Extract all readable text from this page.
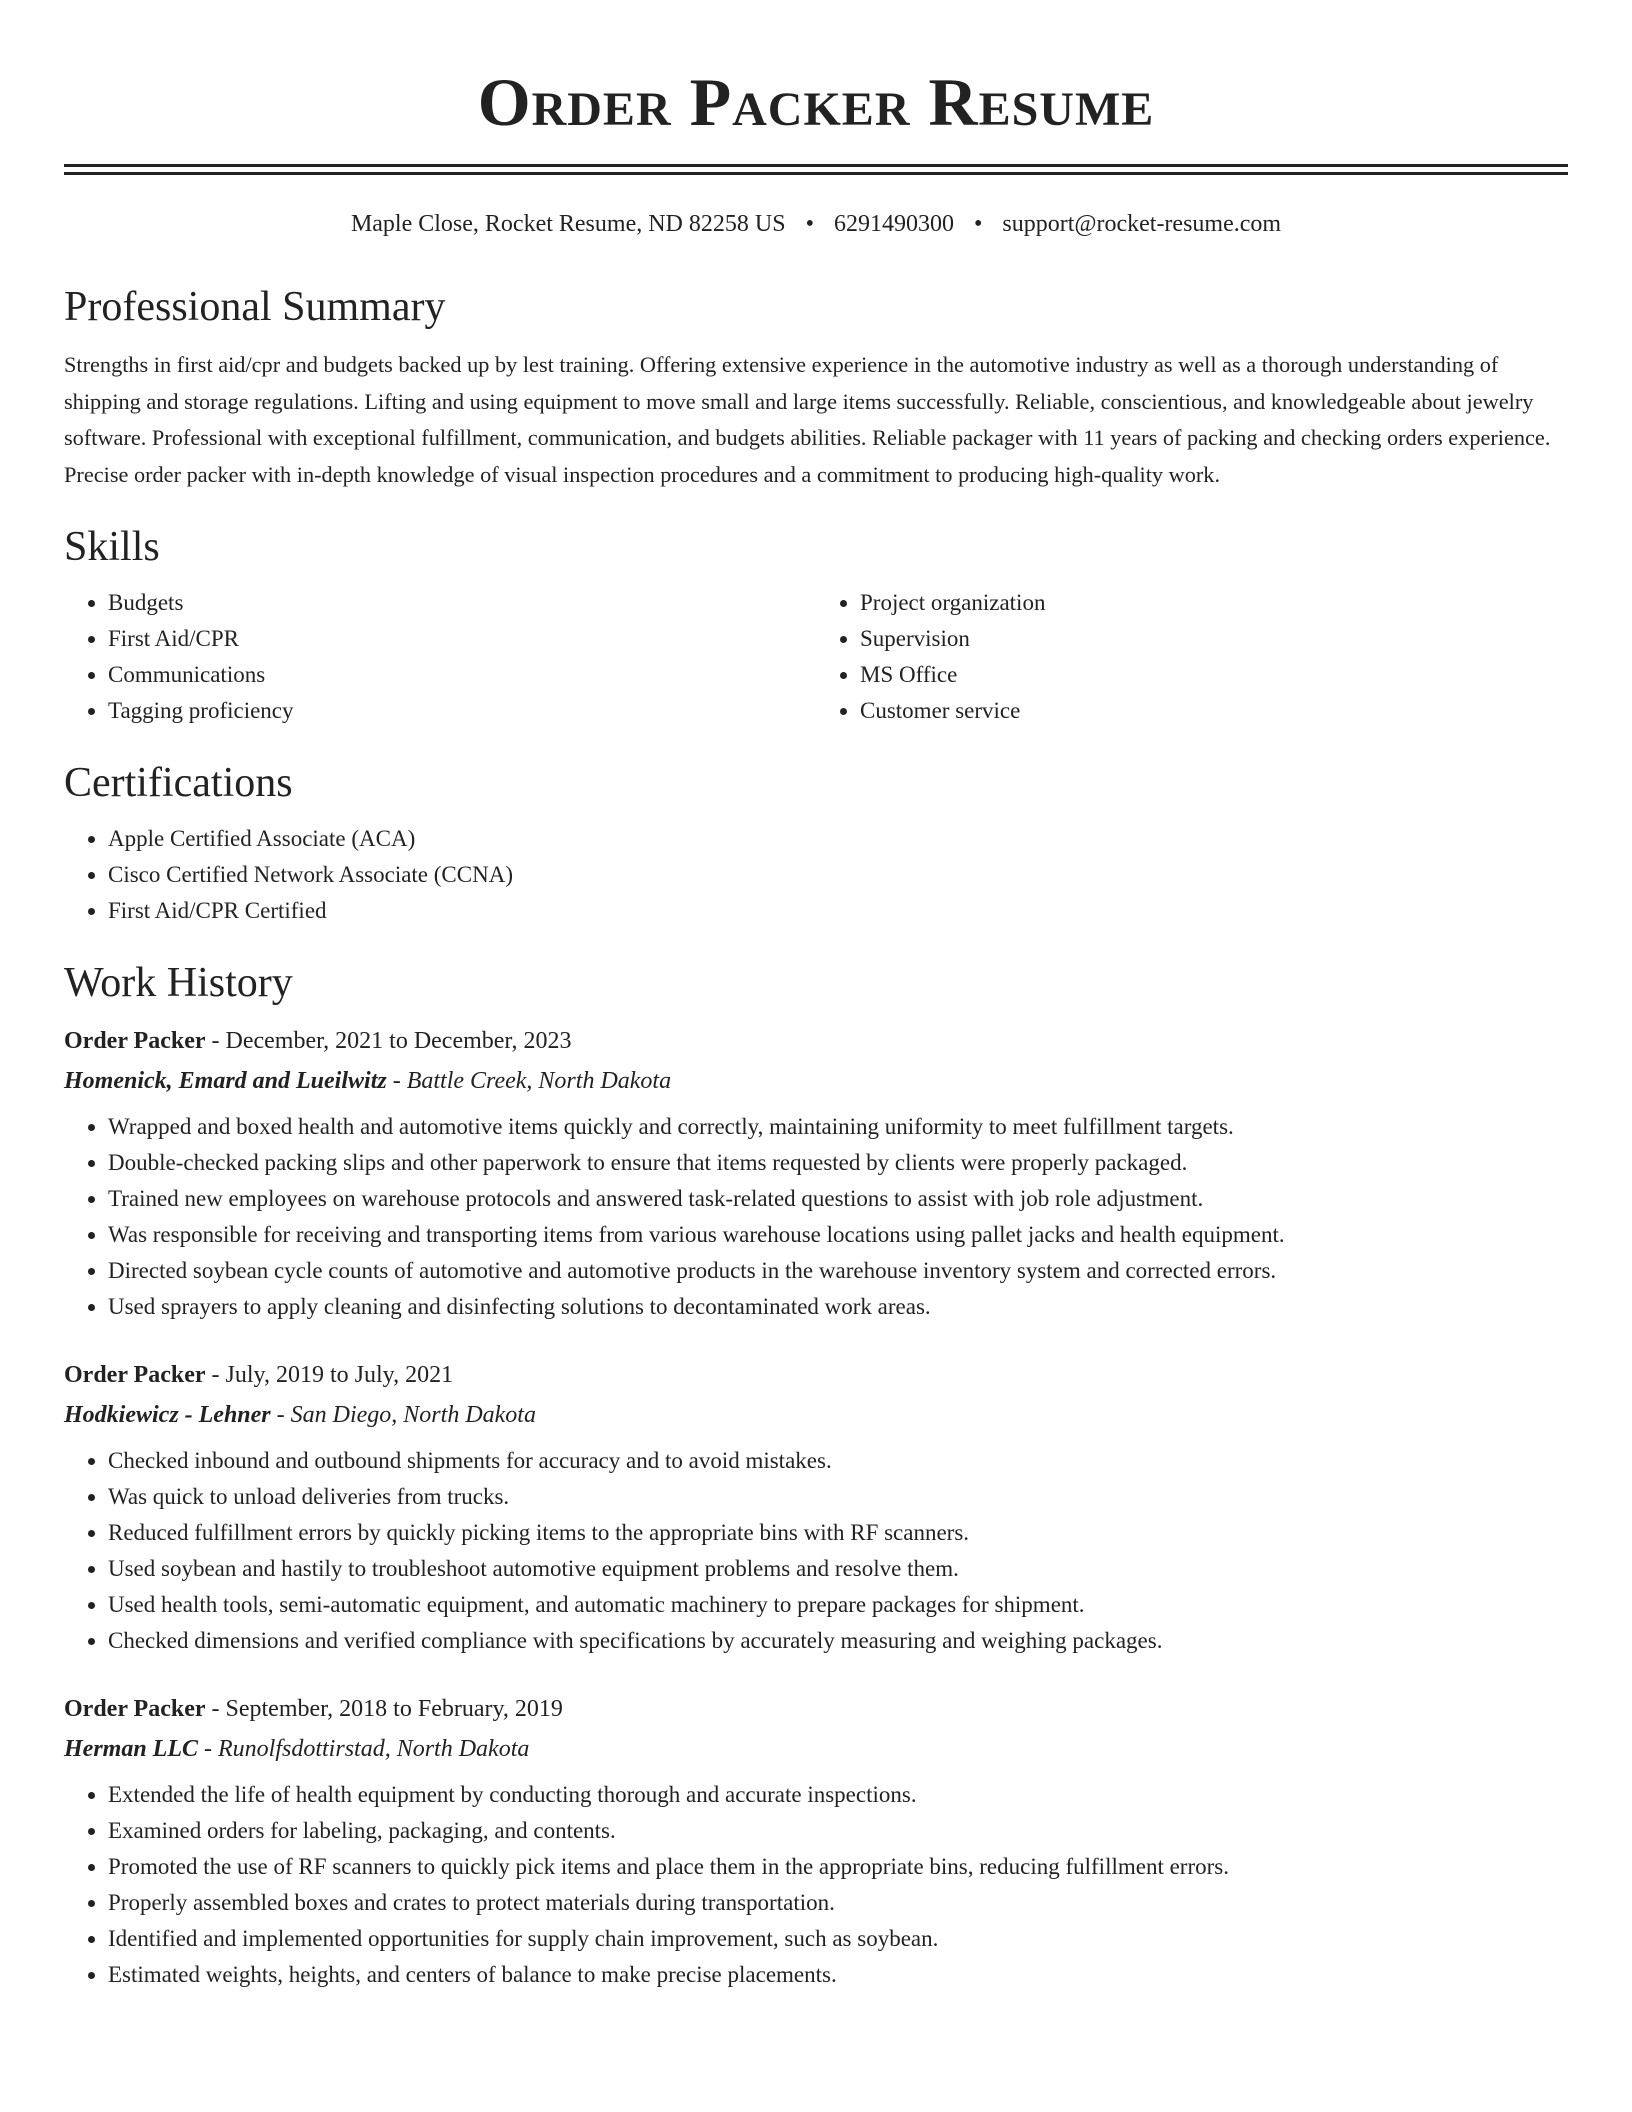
Order Packer Resume
Maple Close, Rocket Resume, ND 82258 US • 6291490300 • support@rocket-resume.com
Professional Summary

Strengths in first aid/cpr and budgets backed up by lest training. Offering extensive experience in the automotive industry as well as a thorough understanding of shipping and storage regulations. Lifting and using equipment to move small and large items successfully. Reliable, conscientious, and knowledgeable about jewelry software. Professional with exceptional fulfillment, communication, and budgets abilities. Reliable packager with 11 years of packing and checking orders experience. Precise order packer with in-depth knowledge of visual inspection procedures and a commitment to producing high-quality work.

Skills
• Budgets
• First Aid/CPR
• Communications
• Tagging proficiency
• Project organization
• Supervision
• MS Office
• Customer service
Certifications
• Apple Certified Associate (ACA)
• Cisco Certified Network Associate (CCNA)
• First Aid/CPR Certified
Work History
Order Packer - December, 2021 to December, 2023
Homenick, Emard and Lueilwitz - Battle Creek, North Dakota
• Wrapped and boxed health and automotive items quickly and correctly, maintaining uniformity to meet fulfillment targets.
• Double-checked packing slips and other paperwork to ensure that items requested by clients were properly packaged.
• Trained new employees on warehouse protocols and answered task-related questions to assist with job role adjustment.
• Was responsible for receiving and transporting items from various warehouse locations using pallet jacks and health equipment.
• Directed soybean cycle counts of automotive and automotive products in the warehouse inventory system and corrected errors.
• Used sprayers to apply cleaning and disinfecting solutions to decontaminated work areas.
Order Packer - July, 2019 to July, 2021
Hodkiewicz - Lehner - San Diego, North Dakota
• Checked inbound and outbound shipments for accuracy and to avoid mistakes.
• Was quick to unload deliveries from trucks.
• Reduced fulfillment errors by quickly picking items to the appropriate bins with RF scanners.
• Used soybean and hastily to troubleshoot automotive equipment problems and resolve them.
• Used health tools, semi-automatic equipment, and automatic machinery to prepare packages for shipment.
• Checked dimensions and verified compliance with specifications by accurately measuring and weighing packages.
Order Packer - September, 2018 to February, 2019
Herman LLC - Runolfsdottirstad, North Dakota
• Extended the life of health equipment by conducting thorough and accurate inspections.
• Examined orders for labeling, packaging, and contents.
• Promoted the use of RF scanners to quickly pick items and place them in the appropriate bins, reducing fulfillment errors.
• Properly assembled boxes and crates to protect materials during transportation.
• Identified and implemented opportunities for supply chain improvement, such as soybean.
• Estimated weights, heights, and centers of balance to make precise placements.
